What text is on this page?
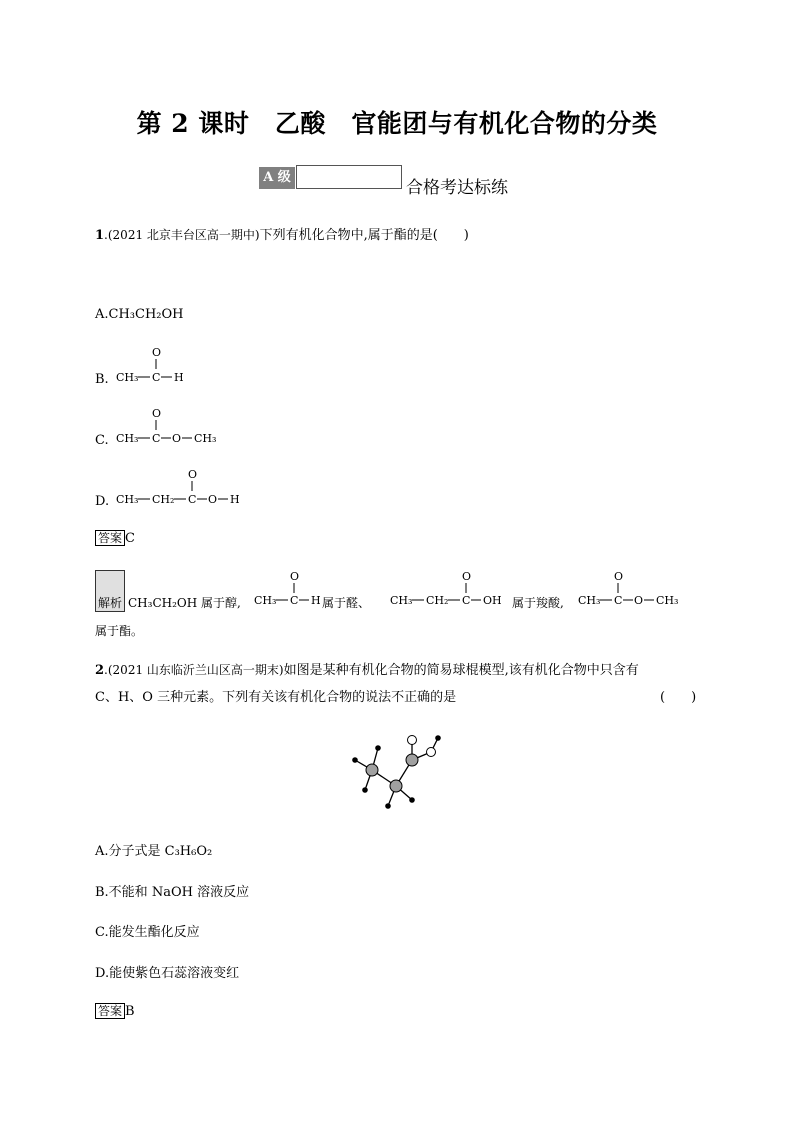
第 2 课时　乙酸　官能团与有机化合物的分类
A 级
合格考达标练
1.(2021 北京丰台区高一期中)下列有机化合物中,属于酯的是(　　)
A.CH₃CH₂OH
B.
O
CH₃ C H
C.
O
CH₃ C O CH₃
D.
O
CH₃ CH₂ C O H
答案 C
解析 CH₃CH₂OH 属于醇,
O
CH₃ C H 属于醛、
O
CH₃ CH₂ C OH 属于羧酸,
O
CH₃ C O CH₃
属于酯。
2.(2021 山东临沂兰山区高一期末)如图是某种有机化合物的简易球棍模型,该有机化合物中只含有
C、H、O 三种元素。下列有关该有机化合物的说法不正确的是	(　　)
A.分子式是 C₃H₆O₂
B.不能和 NaOH 溶液反应
C.能发生酯化反应
D.能使紫色石蕊溶液变红
答案 B
